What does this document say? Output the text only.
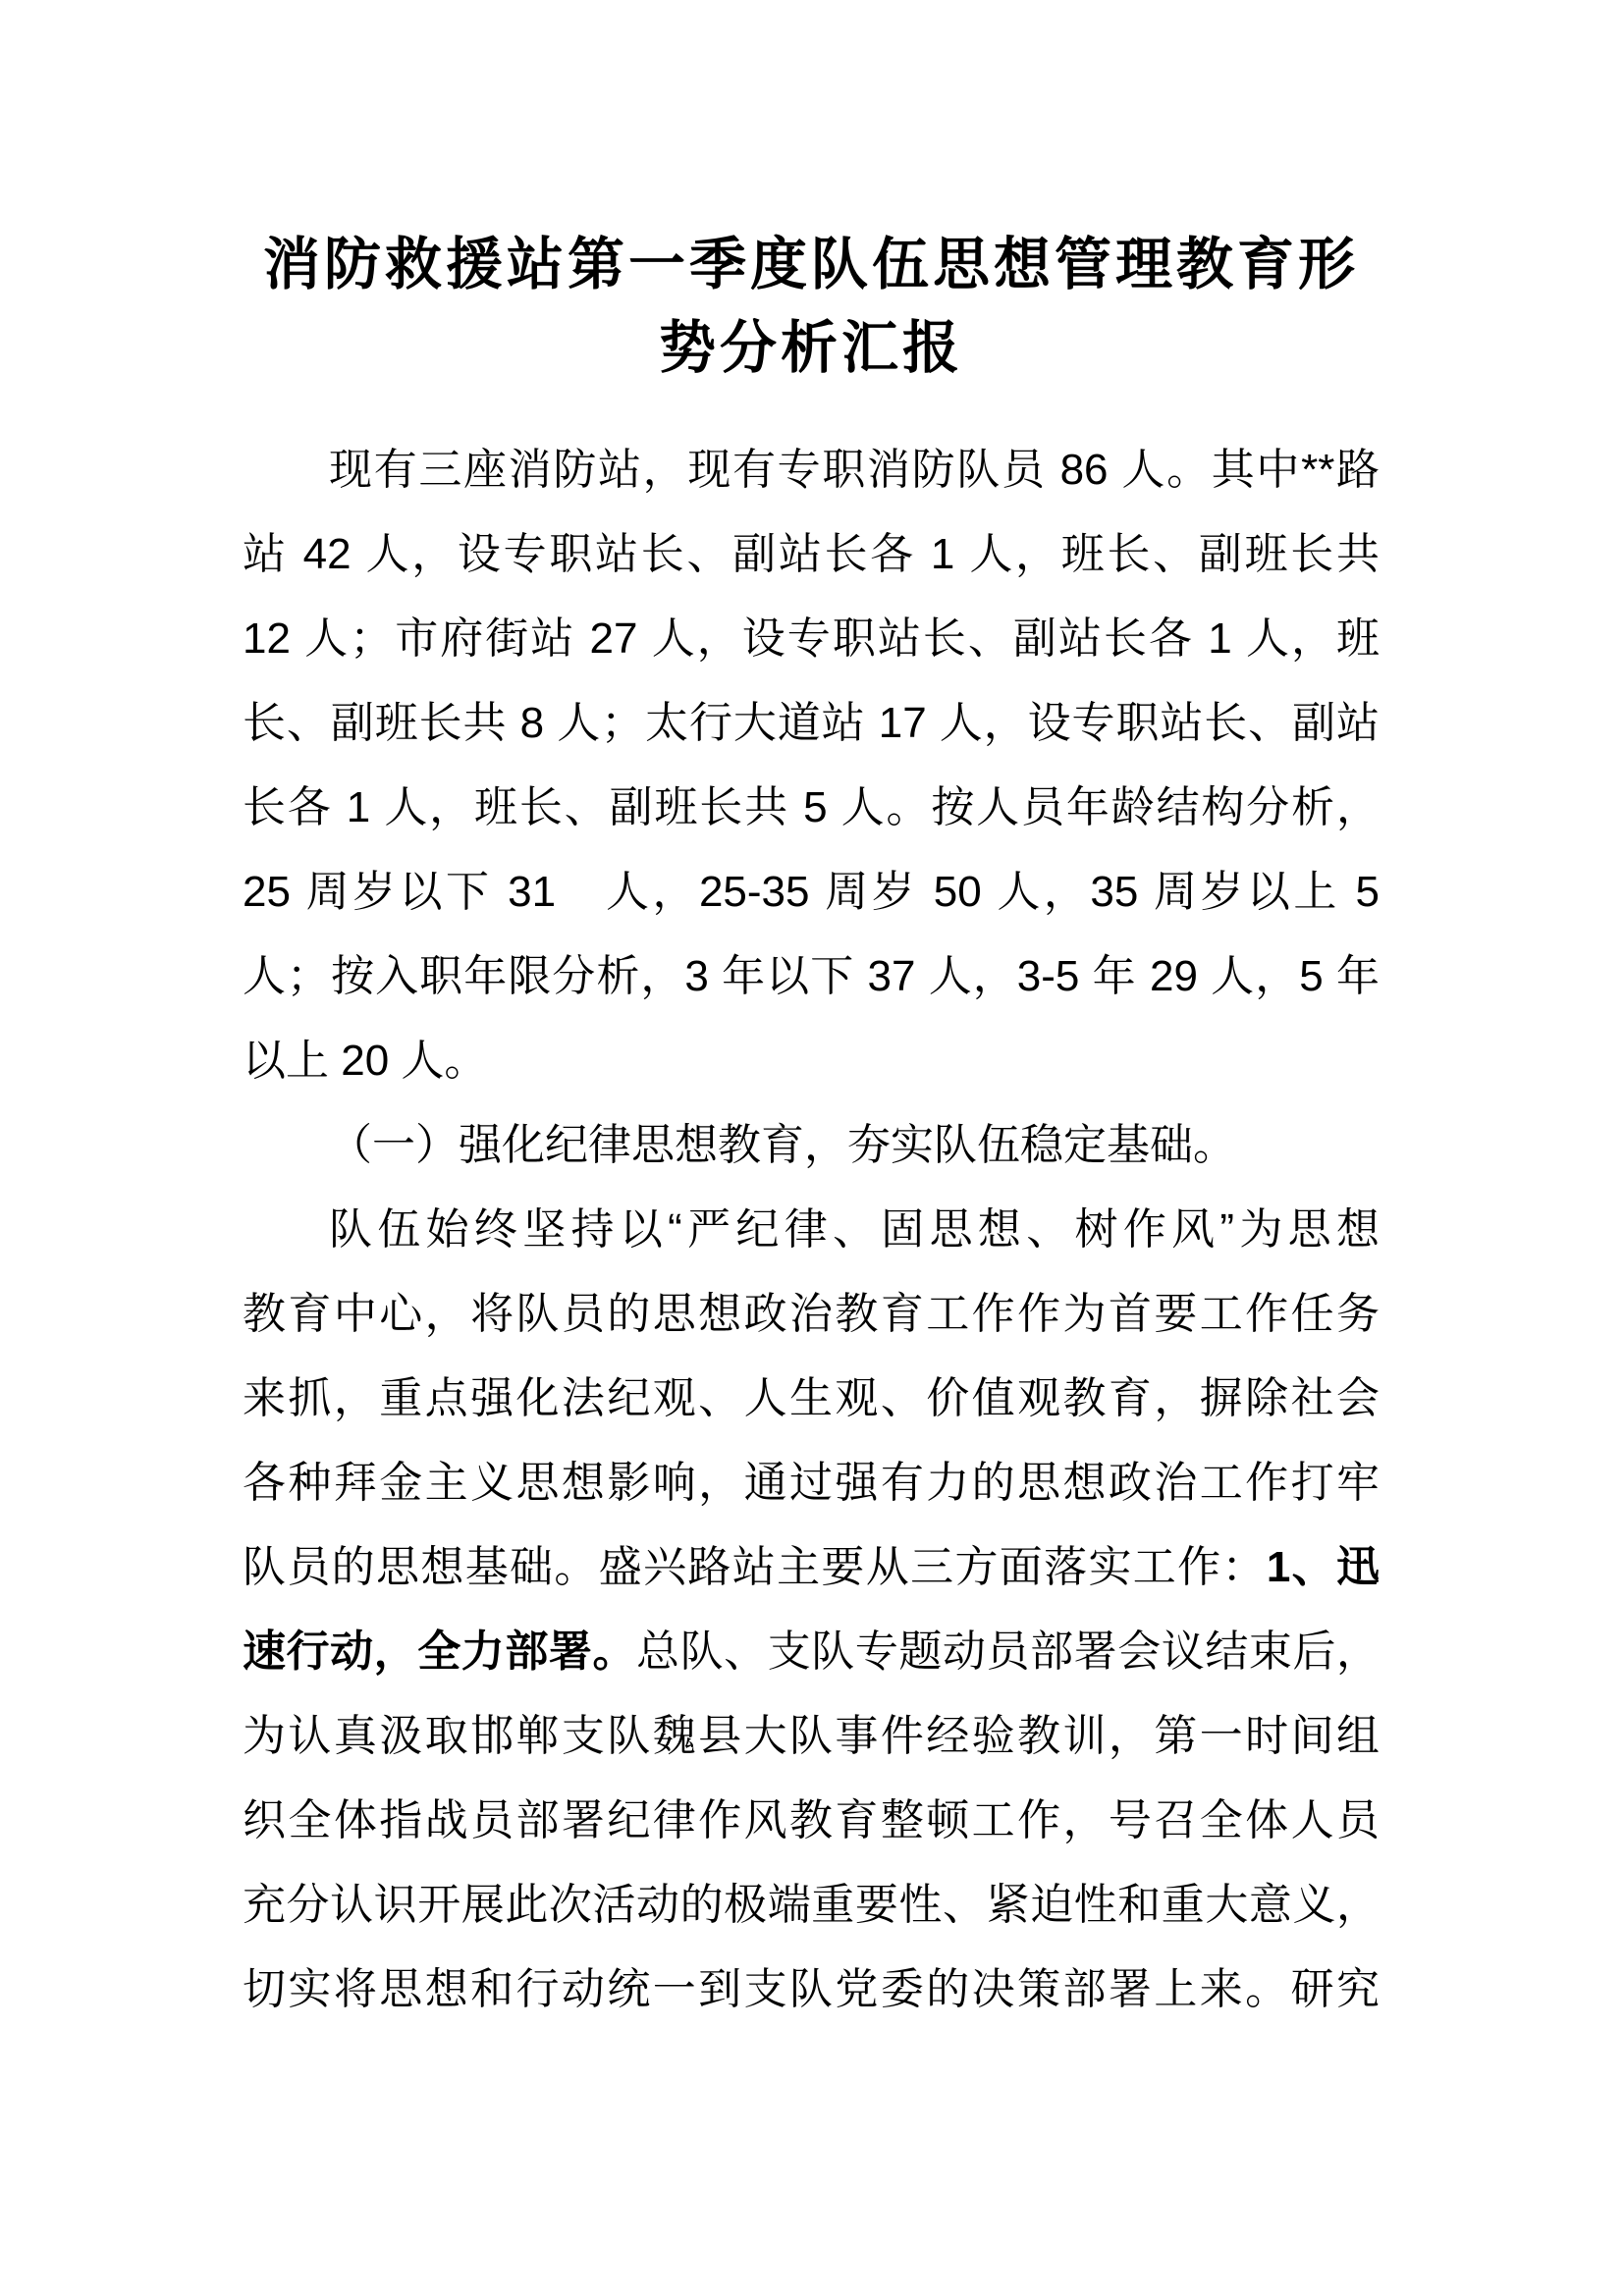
消防救援站第一季度队伍思想管理教育形
势分析汇报
现有三座消防站，现有专职消防队员 86 人。其中**路
站 42 人，设专职站长、副站长各 1 人，班长、副班长共
12 人；市府街站 27 人，设专职站长、副站长各 1 人，班
长、副班长共 8 人；太行大道站 17 人，设专职站长、副站
长各 1 人，班长、副班长共 5 人。按人员年龄结构分析，
25 周岁以下 31　人，25-35 周岁 50 人，35 周岁以上 5
人；按入职年限分析，3 年以下 37 人，3-5 年 29 人，5 年
以上 20 人。
（一）强化纪律思想教育，夯实队伍稳定基础。
队伍始终坚持以“严纪律、固思想、树作风”为思想
教育中心，将队员的思想政治教育工作作为首要工作任务
来抓，重点强化法纪观、人生观、价值观教育，摒除社会
各种拜金主义思想影响，通过强有力的思想政治工作打牢
队员的思想基础。盛兴路站主要从三方面落实工作：1、迅
速行动，全力部署。总队、支队专题动员部署会议结束后，
为认真汲取邯郸支队魏县大队事件经验教训，第一时间组
织全体指战员部署纪律作风教育整顿工作，号召全体人员
充分认识开展此次活动的极端重要性、紧迫性和重大意义，
切实将思想和行动统一到支队党委的决策部署上来。研究
